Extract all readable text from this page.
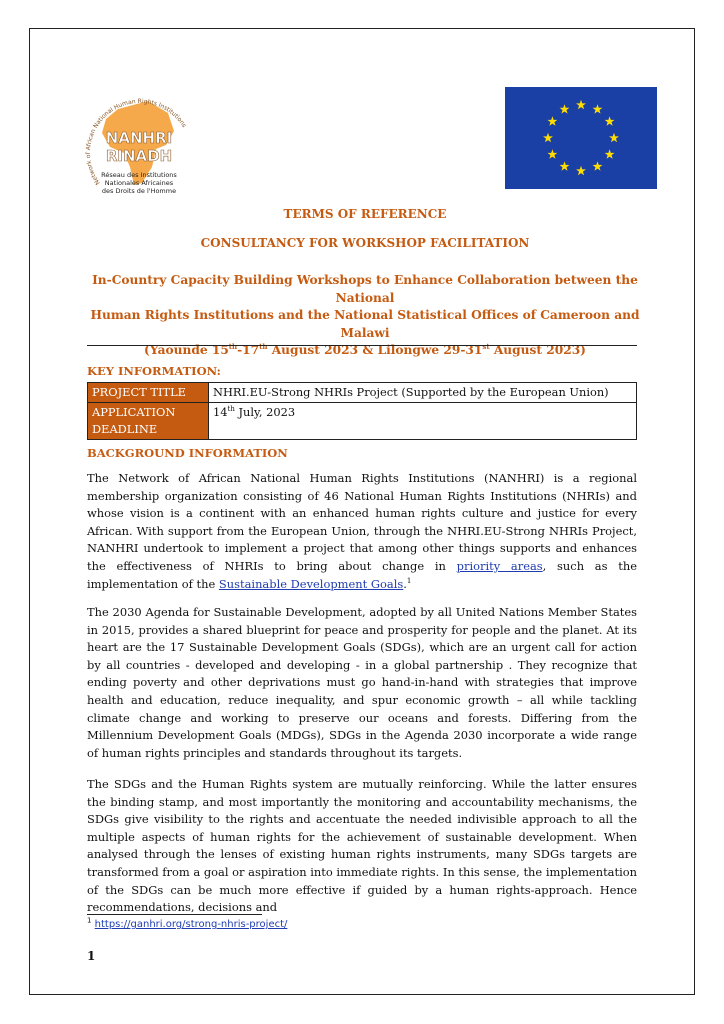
Network of African National Human Rights Institutions
NANHRI
RINADH
Réseau des Institutions
Nationales Africaines
des Droits de l'Homme
TERMS OF REFERENCE
CONSULTANCY FOR WORKSHOP FACILITATION
In-Country Capacity Building Workshops to Enhance Collaboration between the National
Human Rights Institutions and the National Statistical Offices of Cameroon and Malawi
(Yaounde 15th-17th August 2023 & Lilongwe 29-31st August 2023)
KEY INFORMATION:
PROJECT TITLE	NHRI.EU-Strong NHRIs Project (Supported by the European Union)

APPLICATION
DEADLINE	14th July, 2023
BACKGROUND INFORMATION
The Network of African National Human Rights Institutions (NANHRI) is a regional membership organization consisting of 46 National Human Rights Institutions (NHRIs) and whose vision is a continent with an enhanced human rights culture and justice for every African. With support from the European Union, through the NHRI.EU-Strong NHRIs Project, NANHRI undertook to implement a project that among other things supports and enhances the effectiveness of NHRIs to bring about change in priority areas, such as the implementation of the Sustainable Development Goals.$^1$
The 2030 Agenda for Sustainable Development, adopted by all United Nations Member States in 2015, provides a shared blueprint for peace and prosperity for people and the planet. At its heart are the 17 Sustainable Development Goals (SDGs), which are an urgent call for action by all countries - developed and developing - in a global partnership . They recognize that ending poverty and other deprivations must go hand-in-hand with strategies that improve health and education, reduce inequality, and spur economic growth – all while tackling climate change and working to preserve our oceans and forests. Differing from the Millennium Development Goals (MDGs), SDGs in the Agenda 2030 incorporate a wide range of human rights principles and standards throughout its targets.
The SDGs and the Human Rights system are mutually reinforcing. While the latter ensures the binding stamp, and most importantly the monitoring and accountability mechanisms, the SDGs give visibility to the rights and accentuate the needed indivisible approach to all the multiple aspects of human rights for the achievement of sustainable development. When analysed through the lenses of existing human rights instruments, many SDGs targets are transformed from a goal or aspiration into immediate rights. In this sense, the implementation of the SDGs can be much more effective if guided by a human rights-approach. Hence recommendations, decisions and
$^1$ https://ganhri.org/strong-nhris-project/
1
